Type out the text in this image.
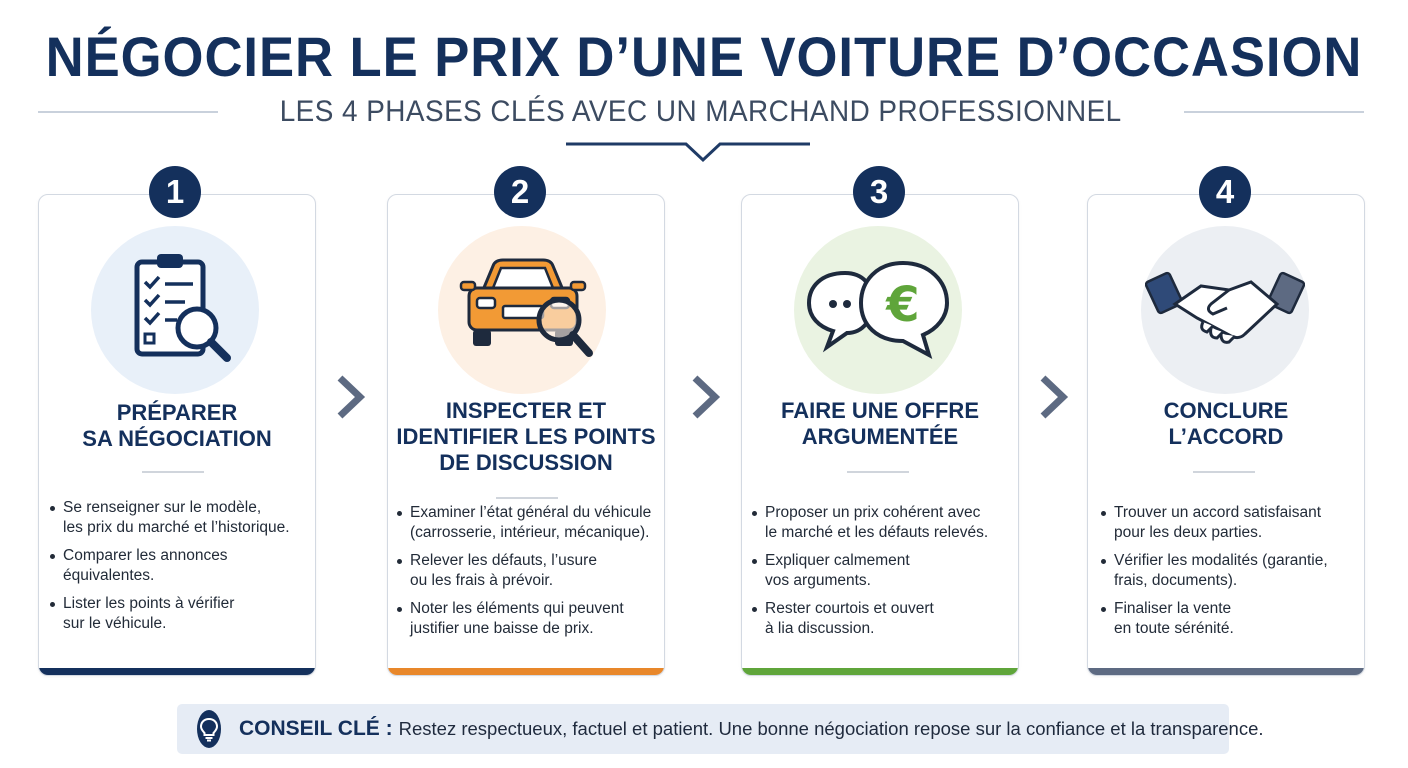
NÉGOCIER LE PRIX D’UNE VOITURE D’OCCASION
LES 4 PHASES CLÉS AVEC UN MARCHAND PROFESSIONNEL
1
PRÉPARER
SA NÉGOCIATION
Se renseigner sur le modèle,
les prix du marché et l’historique.
Comparer les annonces
équivalentes.
Lister les points à vérifier
sur le véhicule.
2
INSPECTER ET
IDENTIFIER LES POINTS
DE DISCUSSION
Examiner l’état général du véhicule
(carrosserie, intérieur, mécanique).
Relever les défauts, l’usure
ou les frais à prévoir.
Noter les éléments qui peuvent
justifier une baisse de prix.
3
€
FAIRE UNE OFFRE
ARGUMENTÉE
Proposer un prix cohérent avec
le marché et les défauts relevés.
Expliquer calmement
vos arguments.
Rester courtois et ouvert
à lia discussion.
4
CONCLURE
L’ACCORD
Trouver un accord satisfaisant
pour les deux parties.
Vérifier les modalités (garantie,
frais, documents).
Finaliser la vente
en toute sérénité.
CONSEIL CLÉ : Restez respectueux, factuel et patient. Une bonne négociation repose sur la confiance et la transparence.
